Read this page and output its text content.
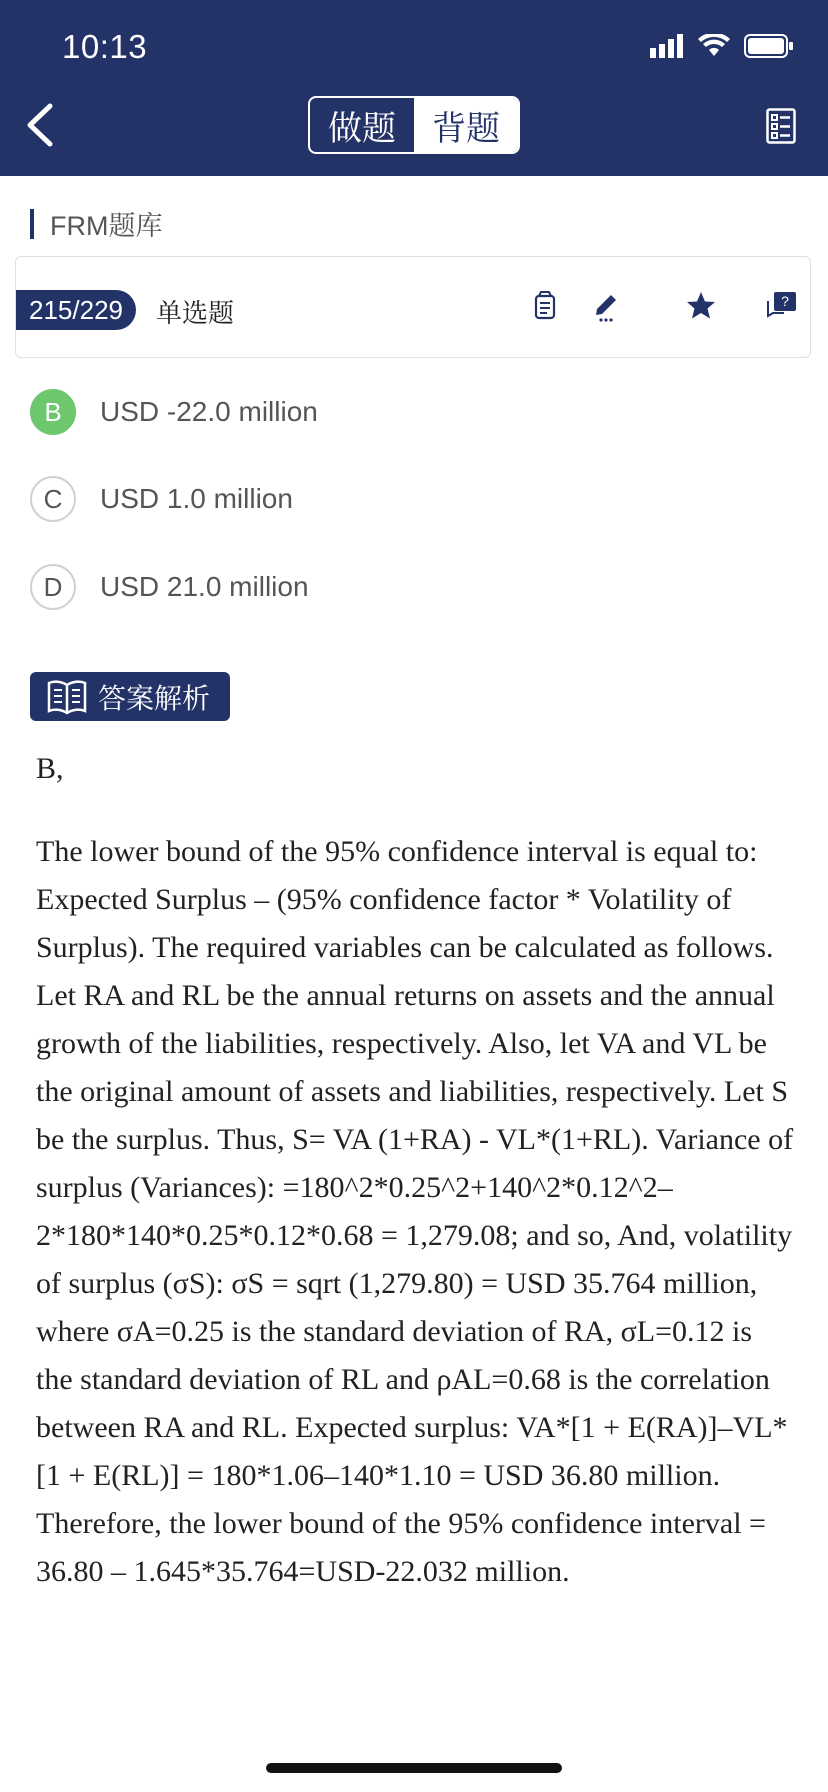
10:13
做题	背题
FRM题库
215/229	单选题	?
B	USD -22.0 million
C	USD 1.0 million
D	USD 21.0 million
答案解析
B,
The lower bound of the 95% confidence interval is equal to: Expected Surplus – (95% confidence factor * Volatility of Surplus). The required variables can be calculated as follows. Let RA and RL be the annual returns on assets and the annual growth of the liabilities, respectively. Also, let VA and VL be the original amount of assets and liabilities, respectively. Let S be the surplus. Thus, S= VA (1+RA) - VL*(1+RL). Variance of surplus (Variances): =180^2*0.25^2+140^2*0.12^2–2*180*140*0.25*0.12*0.68 = 1,279.08; and so, And, volatility of surplus (σS): σS = sqrt (1,279.80) = USD 35.764 million, where σA=0.25 is the standard deviation of RA, σL=0.12 is the standard deviation of RL and ρAL=0.68 is the correlation between RA and RL. Expected surplus: VA*[1 + E(RA)]–VL*[1 + E(RL)] = 180*1.06–140*1.10 = USD 36.80 million. Therefore, the lower bound of the 95% confidence interval = 36.80 – 1.645*35.764=USD-22.032 million.
